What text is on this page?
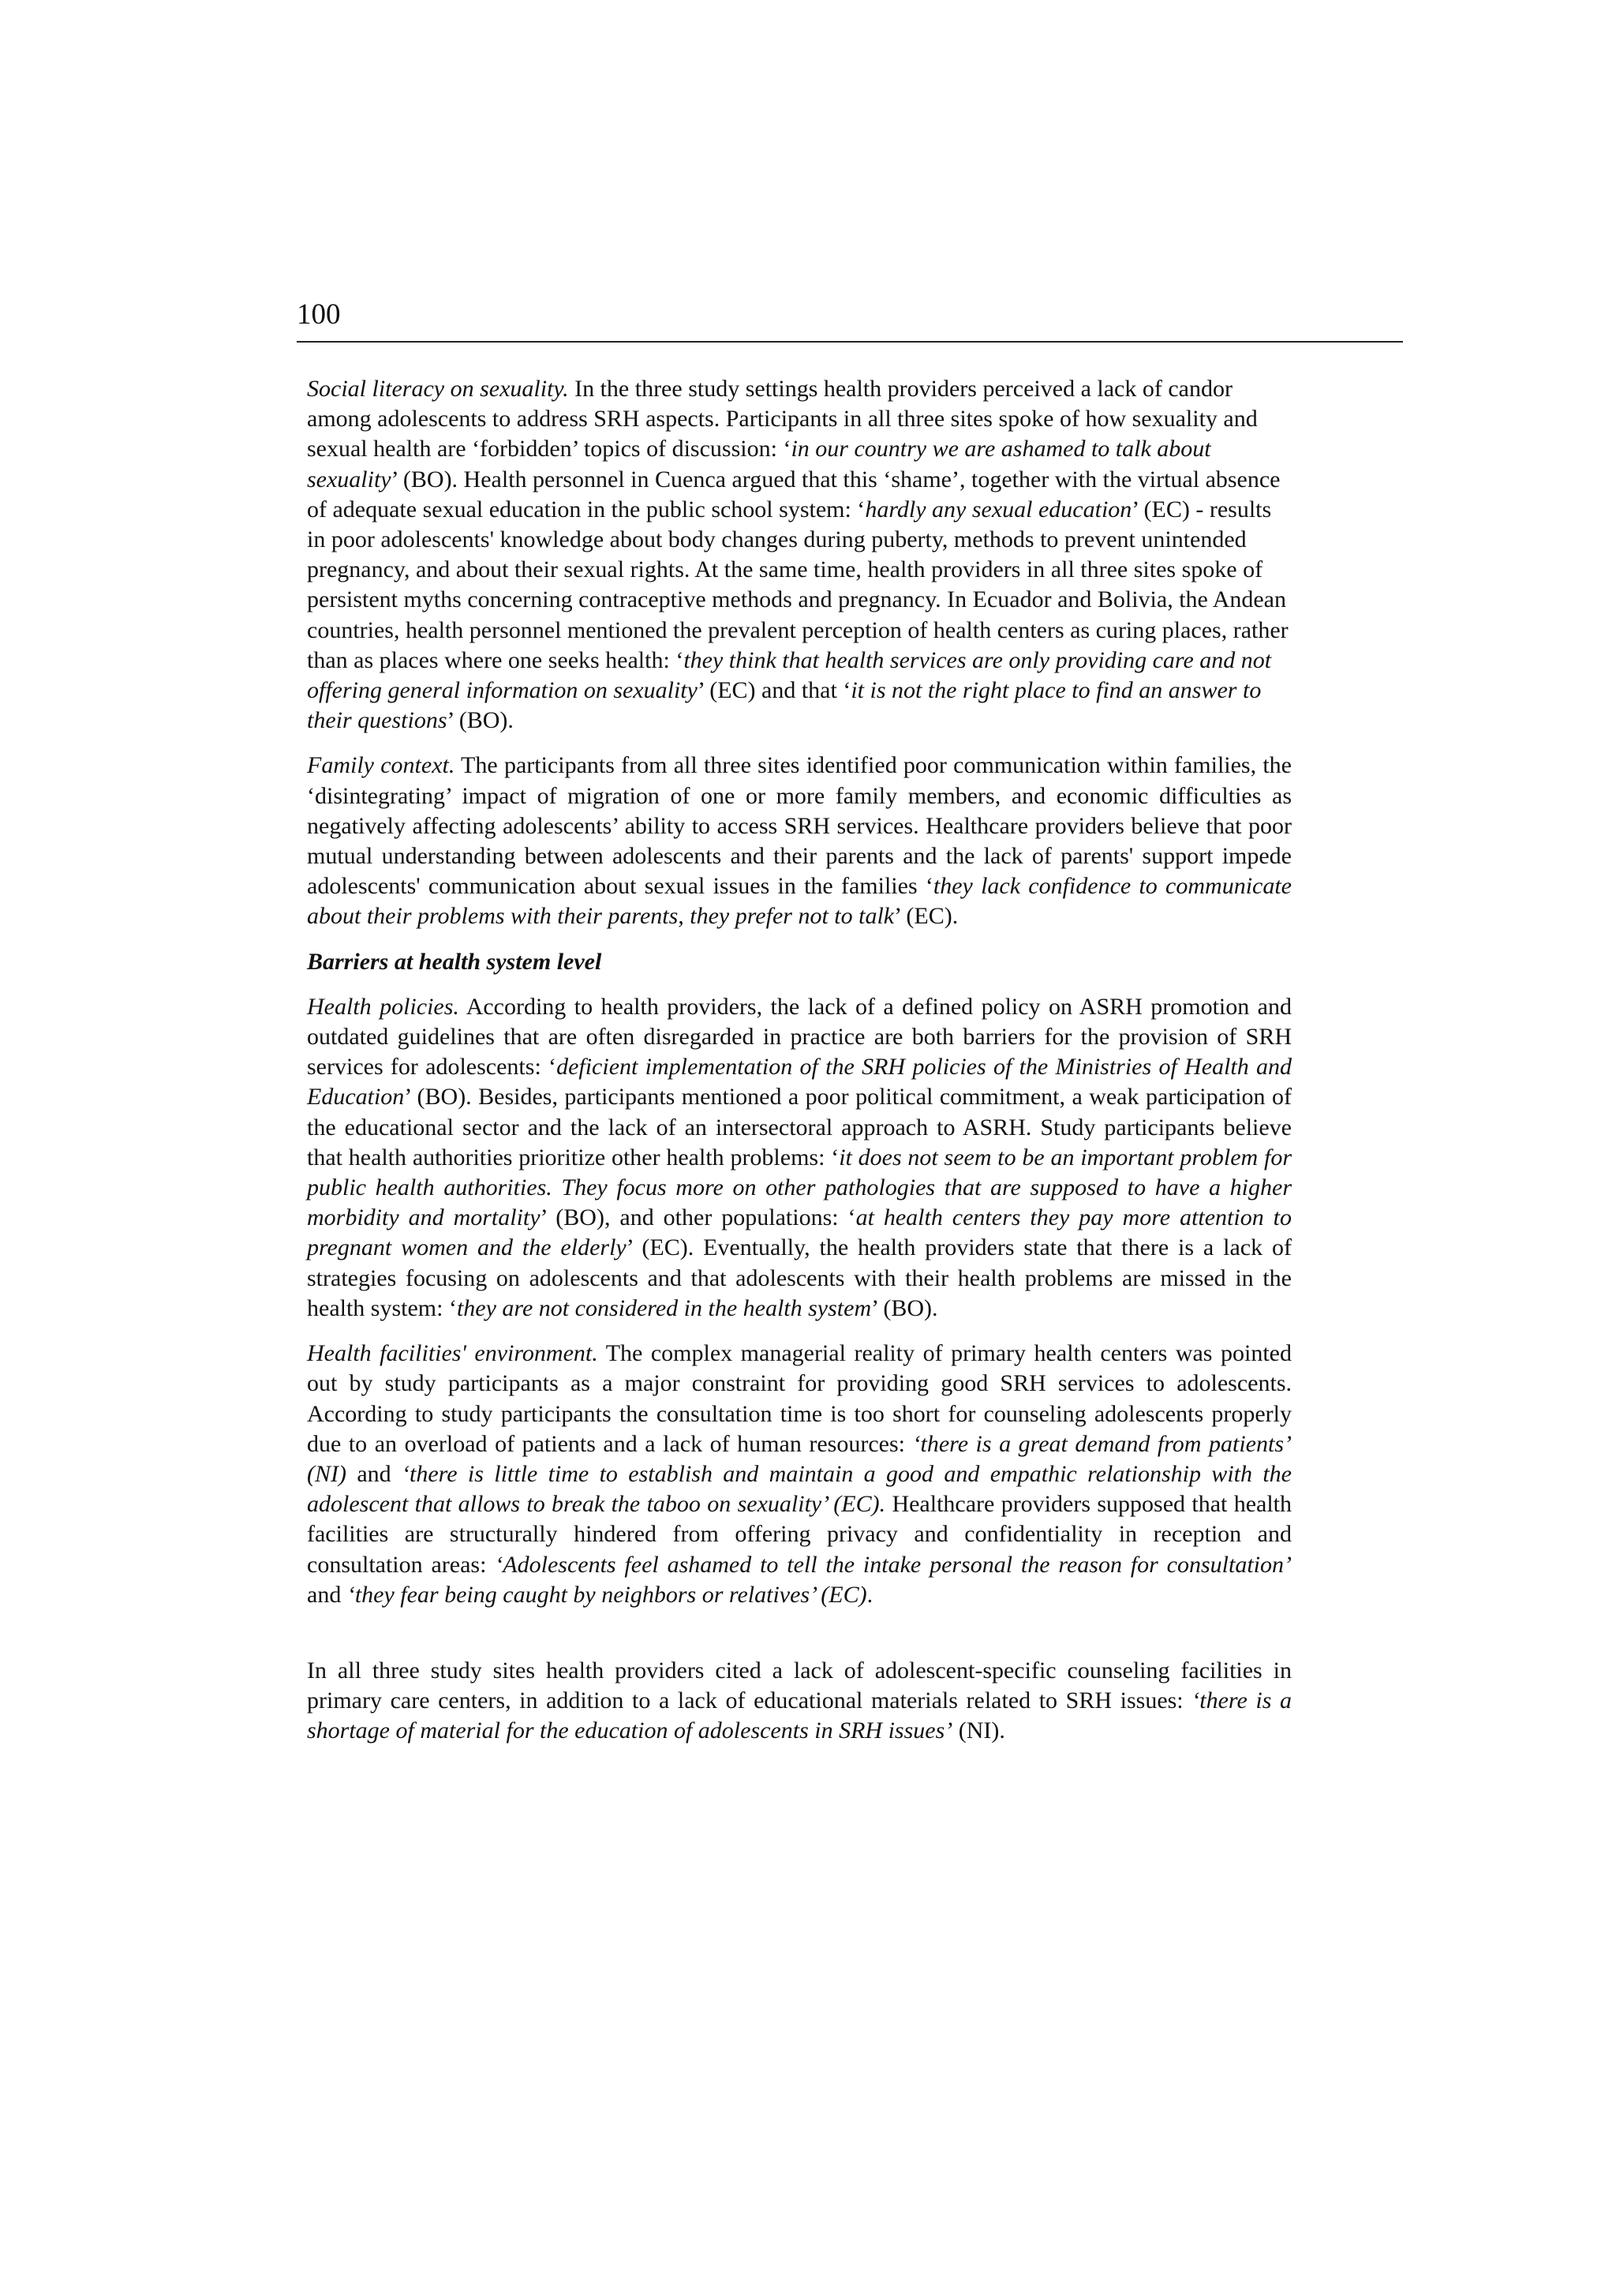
100

Social literacy on sexuality. In the three study settings health providers perceived a lack of candor among adolescents to address SRH aspects. Participants in all three sites spoke of how sexuality and sexual health are ‘forbidden’ topics of discussion: ‘in our country we are ashamed to talk about sexuality’ (BO). Health personnel in Cuenca argued that this ‘shame’, together with the virtual absence of adequate sexual education in the public school system: ‘hardly any sexual education’ (EC) - results in poor adolescents' knowledge about body changes during puberty, methods to prevent unintended pregnancy, and about their sexual rights. At the same time, health providers in all three sites spoke of persistent myths concerning contraceptive methods and pregnancy. In Ecuador and Bolivia, the Andean countries, health personnel mentioned the prevalent perception of health centers as curing places, rather than as places where one seeks health: ‘they think that health services are only providing care and not offering general information on sexuality’ (EC) and that ‘it is not the right place to find an answer to their questions’ (BO).

Family context. The participants from all three sites identified poor communication within families, the ‘disintegrating’ impact of migration of one or more family members, and economic difficulties as negatively affecting adolescents’ ability to access SRH services. Healthcare providers believe that poor mutual understanding between adolescents and their parents and the lack of parents' support impede adolescents' communication about sexual issues in the families ‘they lack confidence to communicate about their problems with their parents, they prefer not to talk’ (EC).

Barriers at health system level

Health policies. According to health providers, the lack of a defined policy on ASRH promotion and outdated guidelines that are often disregarded in practice are both barriers for the provision of SRH services for adolescents: ‘deficient implementation of the SRH policies of the Ministries of Health and Education’ (BO). Besides, participants mentioned a poor political commitment, a weak participation of the educational sector and the lack of an intersectoral approach to ASRH. Study participants believe that health authorities prioritize other health problems: ‘it does not seem to be an important problem for public health authorities. They focus more on other pathologies that are supposed to have a higher morbidity and mortality’ (BO), and other populations: ‘at health centers they pay more attention to pregnant women and the elderly’ (EC). Eventually, the health providers state that there is a lack of strategies focusing on adolescents and that adolescents with their health problems are missed in the health system: ‘they are not considered in the health system’ (BO).

Health facilities' environment. The complex managerial reality of primary health centers was pointed out by study participants as a major constraint for providing good SRH services to adolescents. According to study participants the consultation time is too short for counseling adolescents properly due to an overload of patients and a lack of human resources: ‘there is a great demand from patients’ (NI) and ‘there is little time to establish and maintain a good and empathic relationship with the adolescent that allows to break the taboo on sexuality’ (EC). Healthcare providers supposed that health facilities are structurally hindered from offering privacy and confidentiality in reception and consultation areas: ‘Adolescents feel ashamed to tell the intake personal the reason for consultation’ and ‘they fear being caught by neighbors or relatives’ (EC).

In all three study sites health providers cited a lack of adolescent-specific counseling facilities in primary care centers, in addition to a lack of educational materials related to SRH issues: ‘there is a shortage of material for the education of adolescents in SRH issues’ (NI).
